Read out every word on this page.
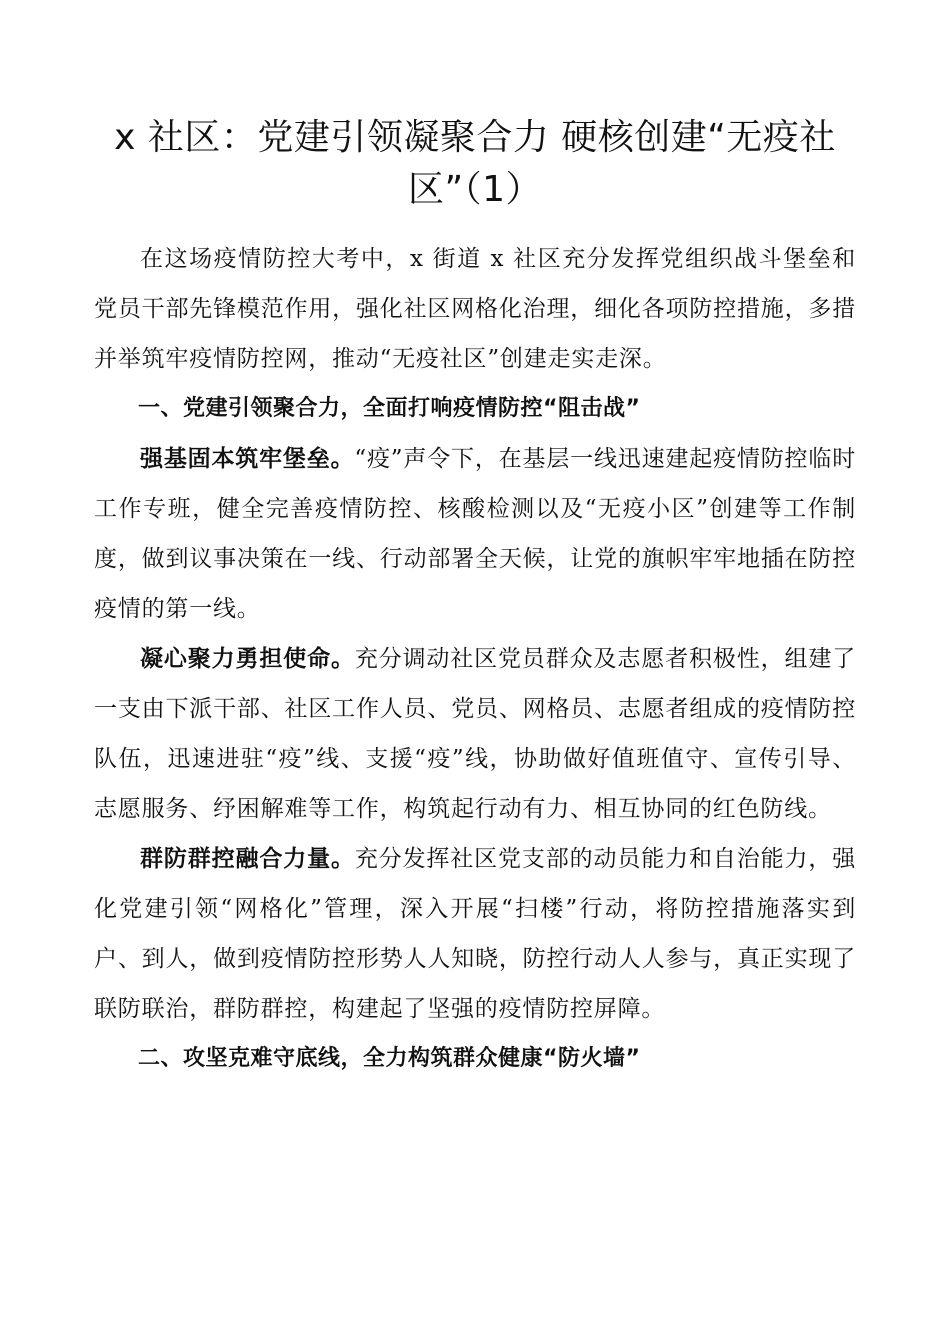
x 社区：党建引领凝聚合力 硬核创建“无疫社
区”（1）

在这场疫情防控大考中，x 街道 x 社区充分发挥党组织战斗堡垒和党员干部先锋模范作用，强化社区网格化治理，细化各项防控措施，多措并举筑牢疫情防控网，推动“无疫社区”创建走实走深。

一、党建引领聚合力，全面打响疫情防控“阻击战”

强基固本筑牢堡垒。“疫”声令下，在基层一线迅速建起疫情防控临时工作专班，健全完善疫情防控、核酸检测以及“无疫小区”创建等工作制度，做到议事决策在一线、行动部署全天候，让党的旗帜牢牢地插在防控疫情的第一线。

凝心聚力勇担使命。充分调动社区党员群众及志愿者积极性，组建了一支由下派干部、社区工作人员、党员、网格员、志愿者组成的疫情防控队伍，迅速进驻“疫”线、支援“疫”线，协助做好值班值守、宣传引导、志愿服务、纾困解难等工作，构筑起行动有力、相互协同的红色防线。

群防群控融合力量。充分发挥社区党支部的动员能力和自治能力，强化党建引领“网格化”管理，深入开展“扫楼”行动，将防控措施落实到户、到人，做到疫情防控形势人人知晓，防控行动人人参与，真正实现了联防联治，群防群控，构建起了坚强的疫情防控屏障。

二、攻坚克难守底线，全力构筑群众健康“防火墙”
